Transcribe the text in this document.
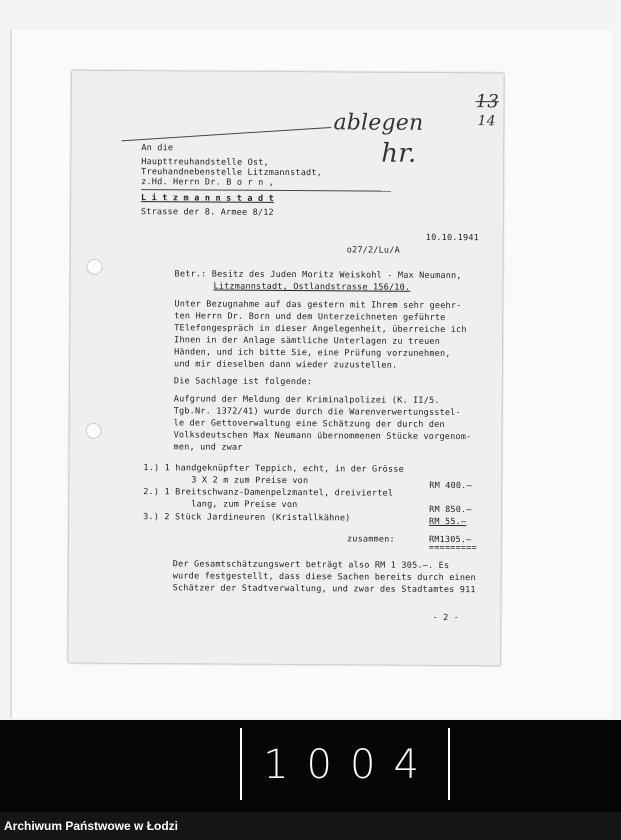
ablegen
hr.
13
14
An die
Haupttreuhandstelle Ost,
Treuhandnebenstelle Litzmannstadt,
z.Hd. Herrn Dr. B o r n ,
L i t z m a n n s t a d t
Strasse der 8. Armee 8/12
10.10.1941
o27/2/Lu/A
Betr.: Besitz des Juden Moritz Weiskohl - Max Neumann,
Litzmannstadt, Ostlandstrasse 156/10.
Unter Bezugnahme auf das gestern mit Ihrem sehr geehr-
ten Herrn Dr. Born und dem Unterzeichneten geführte
TElefongespräch in dieser Angelegenheit, überreiche ich
Ihnen in der Anlage sämtliche Unterlagen zu treuen
Händen, und ich bitte Sie, eine Prüfung vorzunehmen,
und mir dieselben dann wieder zuzustellen.
Die Sachlage ist folgende:
Aufgrund der Meldung der Kriminalpolizei (K. II/5.
Tgb.Nr. 1372/41) wurde durch die Warenverwertungsstel-
le der Gettoverwaltung eine Schätzung der durch den
Volksdeutschen Max Neumann übernommenen Stücke vorgenom-
men, und zwar
1.) 1 handgeknüpfter Teppich, echt, in der Grösse
3 X 2 m zum Preise von	RM 400.—
2.) 1 Breitschwanz-Damenpelzmantel, dreiviertel
lang, zum Preise von	RM 850.—
3.) 2 Stück Jardineuren (Kristallkähne)	RM 55.—
zusammen:	RM1305.—
=========
Der Gesamtschätzungswert beträgt also RM 1 305.—. Es
wurde festgestellt, dass diese Sachen bereits durch einen
Schätzer der Stadtverwaltung, und zwar des Stadtamtes 911
- 2 -
1004
Archiwum Państwowe w Łodzi
